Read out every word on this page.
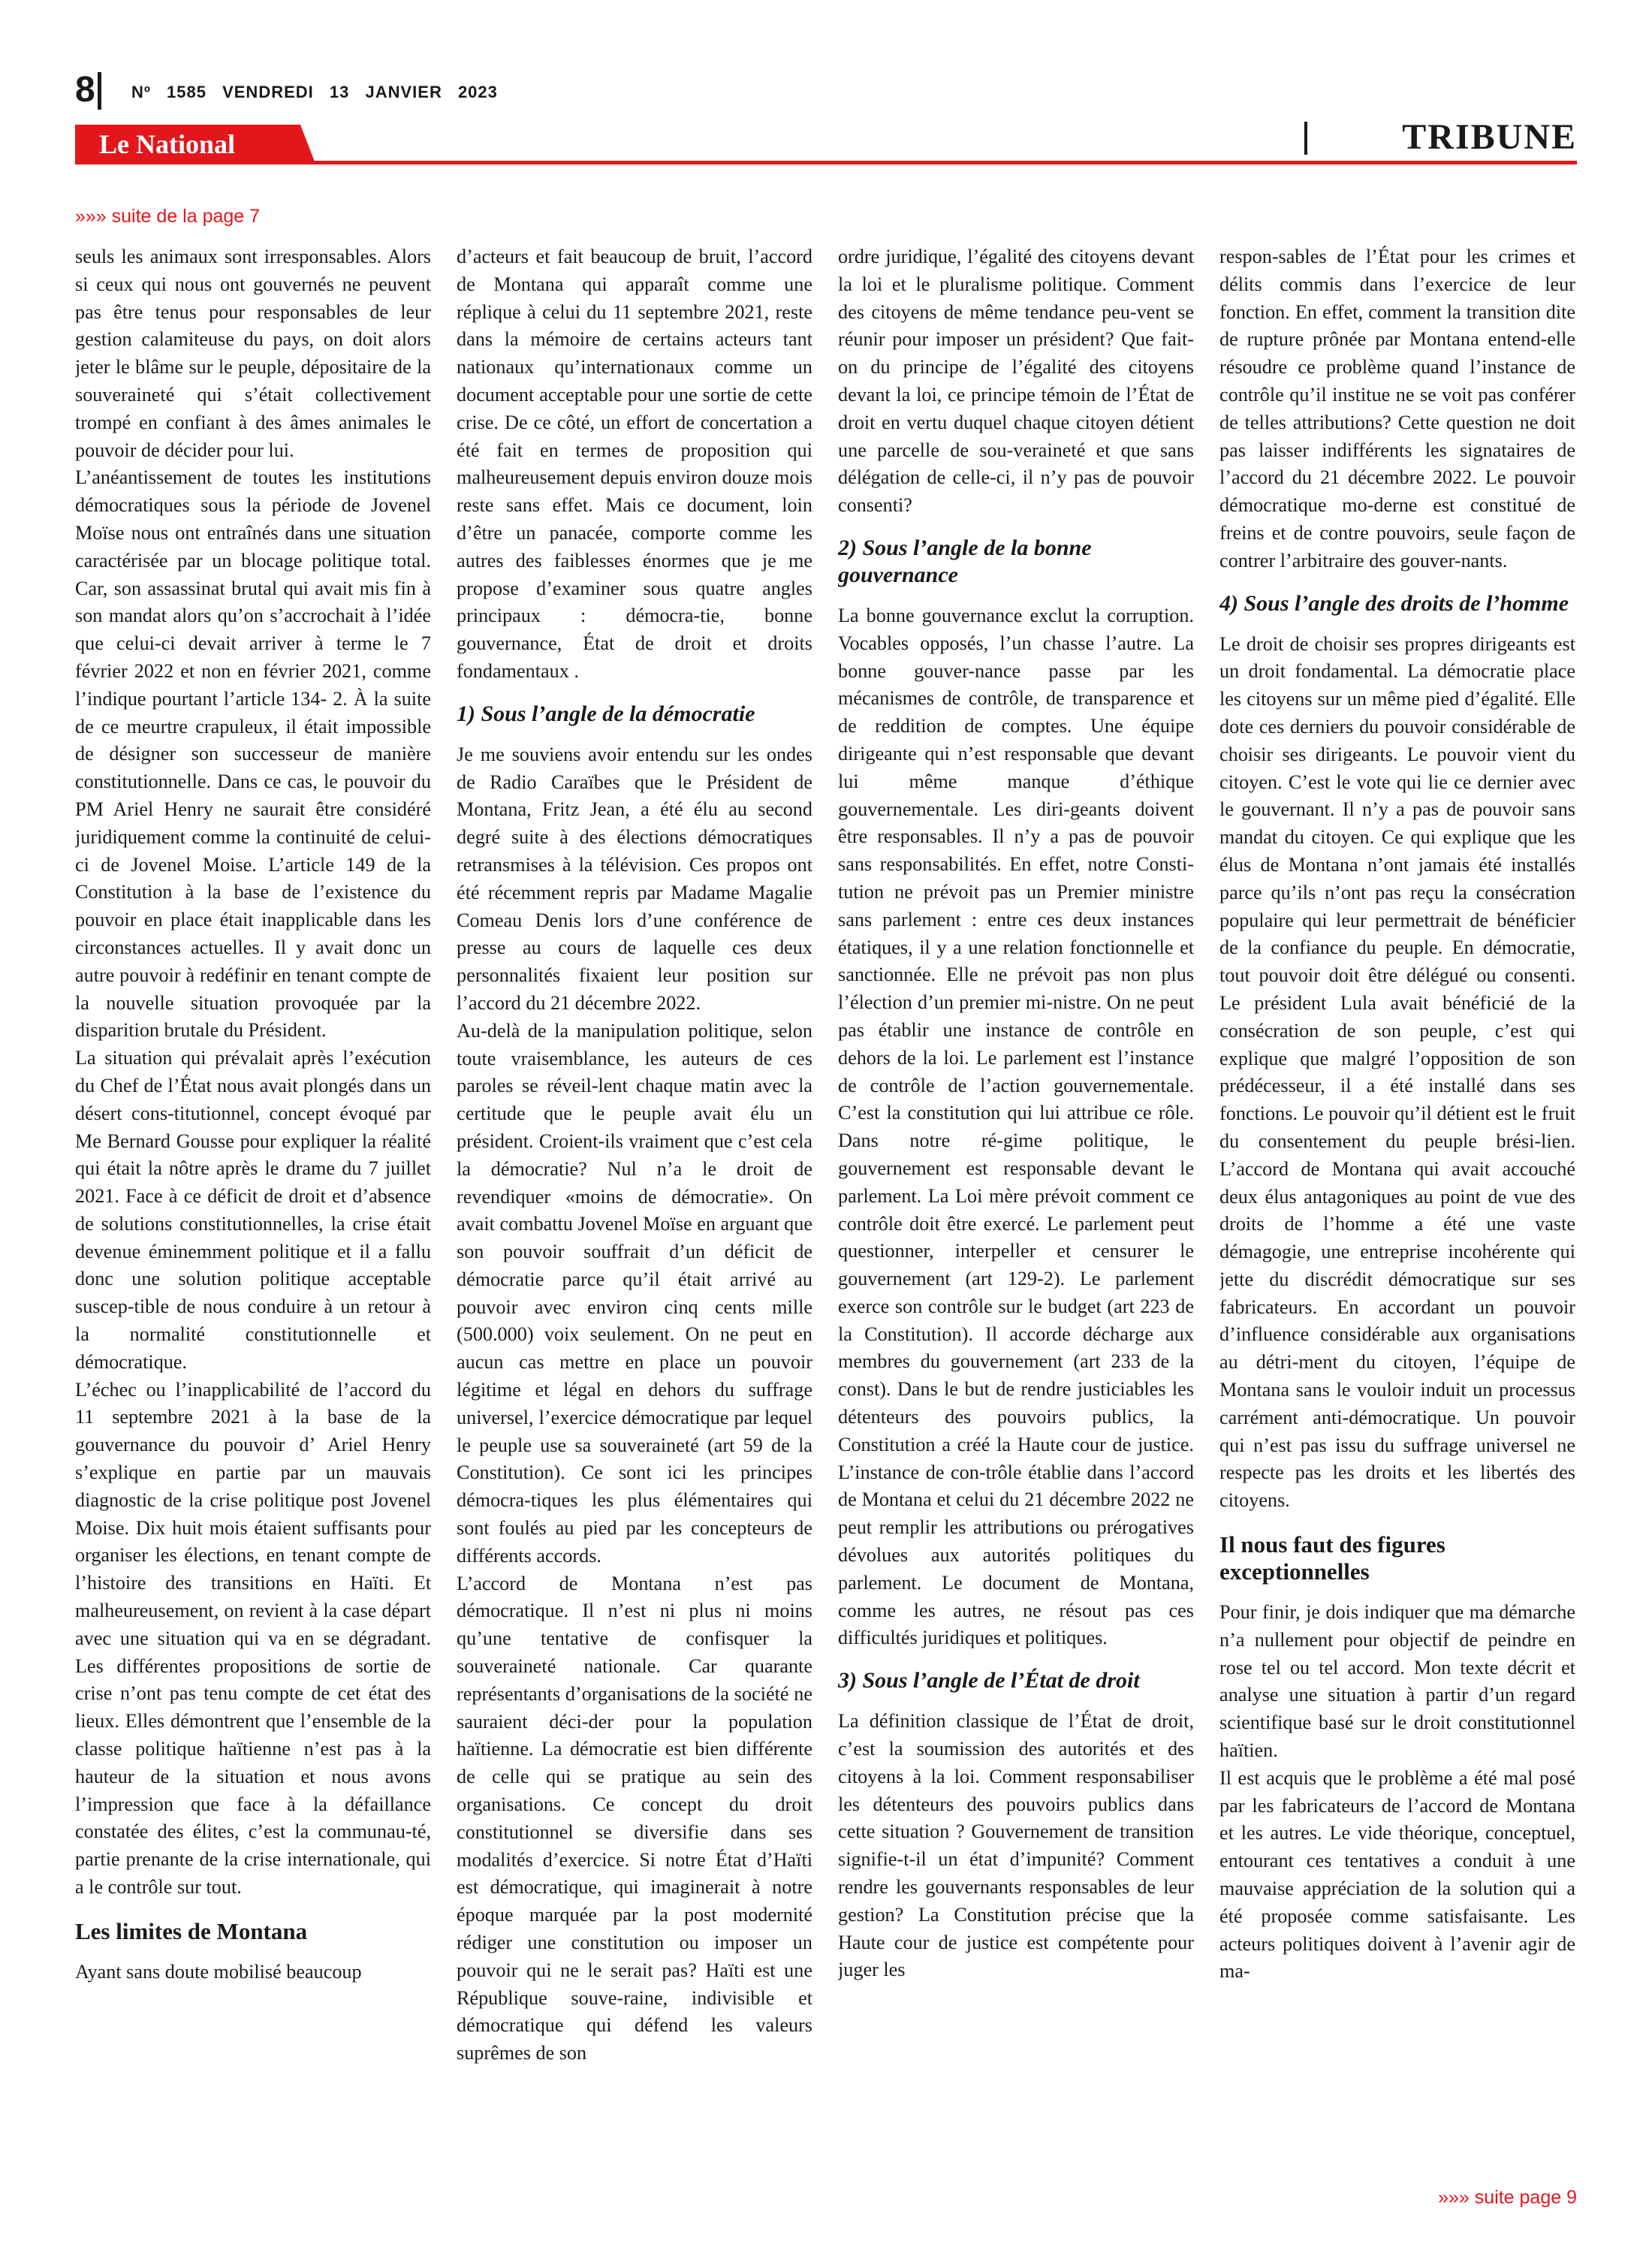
8 Nº 1585 VENDREDI 13 JANVIER 2023
Le National	TRIBUNE
»»» suite de la page 7

seuls les animaux sont irresponsables. Alors si ceux qui nous ont gouvernés ne peuvent pas être tenus pour responsables de leur gestion calamiteuse du pays, on doit alors jeter le blâme sur le peuple, dépositaire de la souveraineté qui s’était collectivement trompé en confiant à des âmes animales le pouvoir de décider pour lui.

L’anéantissement de toutes les institutions démocratiques sous la période de Jovenel Moïse nous ont entraînés dans une situation caractérisée par un blocage politique total. Car, son assassinat brutal qui avait mis fin à son mandat alors qu’on s’accrochait à l’idée que celui-ci devait arriver à terme le 7 février 2022 et non en février 2021, comme l’indique pourtant l’article 134- 2. À la suite de ce meurtre crapuleux, il était impossible de désigner son successeur de manière constitutionnelle. Dans ce cas, le pouvoir du PM Ariel Henry ne saurait être considéré juridiquement comme la continuité de celui-ci de Jovenel Moise. L’article 149 de la Constitution à la base de l’existence du pouvoir en place était inapplicable dans les circonstances actuelles. Il y avait donc un autre pouvoir à redéfinir en tenant compte de la nouvelle situation provoquée par la disparition brutale du Président.

La situation qui prévalait après l’exécution du Chef de l’État nous avait plongés dans un désert cons-titutionnel, concept évoqué par Me Bernard Gousse pour expliquer la réalité qui était la nôtre après le drame du 7 juillet 2021. Face à ce déficit de droit et d’absence de solutions constitutionnelles, la crise était devenue éminemment politique et il a fallu donc une solution politique acceptable suscep-tible de nous conduire à un retour à la normalité constitutionnelle et démocratique.

L’échec ou l’inapplicabilité de l’accord du 11 septembre 2021 à la base de la gouvernance du pouvoir d’ Ariel Henry s’explique en partie par un mauvais diagnostic de la crise politique post Jovenel Moise. Dix huit mois étaient suffisants pour organiser les élections, en tenant compte de l’histoire des transitions en Haïti. Et malheureusement, on revient à la case départ avec une situation qui va en se dégradant. Les différentes propositions de sortie de crise n’ont pas tenu compte de cet état des lieux. Elles démontrent que l’ensemble de la classe politique haïtienne n’est pas à la hauteur de la situation et nous avons l’impression que face à la défaillance constatée des élites, c’est la communau-té, partie prenante de la crise internationale, qui a le contrôle sur tout.

Les limites de Montana

Ayant sans doute mobilisé beaucoup

d’acteurs et fait beaucoup de bruit, l’accord de Montana qui apparaît comme une réplique à celui du 11 septembre 2021, reste dans la mémoire de certains acteurs tant nationaux qu’internationaux comme un document acceptable pour une sortie de cette crise. De ce côté, un effort de concertation a été fait en termes de proposition qui malheureusement depuis environ douze mois reste sans effet. Mais ce document, loin d’être un panacée, comporte comme les autres des faiblesses énormes que je me propose d’examiner sous quatre angles principaux : démocra-tie, bonne gouvernance, État de droit et droits fondamentaux .

1) Sous l’angle de la démocratie

Je me souviens avoir entendu sur les ondes de Radio Caraïbes que le Président de Montana, Fritz Jean, a été élu au second degré suite à des élections démocratiques retransmises à la télévision. Ces propos ont été récemment repris par Madame Magalie Comeau Denis lors d’une conférence de presse au cours de laquelle ces deux personnalités fixaient leur position sur l’accord du 21 décembre 2022.

Au-delà de la manipulation politique, selon toute vraisemblance, les auteurs de ces paroles se réveil-lent chaque matin avec la certitude que le peuple avait élu un président. Croient-ils vraiment que c’est cela la démocratie? Nul n’a le droit de revendiquer «moins de démocratie». On avait combattu Jovenel Moïse en arguant que son pouvoir souffrait d’un déficit de démocratie parce qu’il était arrivé au pouvoir avec environ cinq cents mille (500.000) voix seulement. On ne peut en aucun cas mettre en place un pouvoir légitime et légal en dehors du suffrage universel, l’exercice démocratique par lequel le peuple use sa souveraineté (art 59 de la Constitution). Ce sont ici les principes démocra-tiques les plus élémentaires qui sont foulés au pied par les concepteurs de différents accords.

L’accord de Montana n’est pas démocratique. Il n’est ni plus ni moins qu’une tentative de confisquer la souveraineté nationale. Car quarante représentants d’organisations de la société ne sauraient déci-der pour la population haïtienne. La démocratie est bien différente de celle qui se pratique au sein des organisations. Ce concept du droit constitutionnel se diversifie dans ses modalités d’exercice. Si notre État d’Haïti est démocratique, qui imaginerait à notre époque marquée par la post modernité rédiger une constitution ou imposer un pouvoir qui ne le serait pas? Haïti est une République souve-raine, indivisible et démocratique qui défend les valeurs suprêmes de son

ordre juridique, l’égalité des citoyens devant la loi et le pluralisme politique. Comment des citoyens de même tendance peu-vent se réunir pour imposer un président? Que fait-on du principe de l’égalité des citoyens devant la loi, ce principe témoin de l’État de droit en vertu duquel chaque citoyen détient une parcelle de sou-veraineté et que sans délégation de celle-ci, il n’y pas de pouvoir consenti?

2) Sous l’angle de la bonne gouvernance

La bonne gouvernance exclut la corruption. Vocables opposés, l’un chasse l’autre. La bonne gouver-nance passe par les mécanismes de contrôle, de transparence et de reddition de comptes. Une équipe dirigeante qui n’est responsable que devant lui même manque d’éthique gouvernementale. Les diri-geants doivent être responsables. Il n’y a pas de pouvoir sans responsabilités. En effet, notre Consti-tution ne prévoit pas un Premier ministre sans parlement : entre ces deux instances étatiques, il y a une relation fonctionnelle et sanctionnée. Elle ne prévoit pas non plus l’élection d’un premier mi-nistre. On ne peut pas établir une instance de contrôle en dehors de la loi. Le parlement est l’instance de contrôle de l’action gouvernementale. C’est la constitution qui lui attribue ce rôle. Dans notre ré-gime politique, le gouvernement est responsable devant le parlement. La Loi mère prévoit comment ce contrôle doit être exercé. Le parlement peut questionner, interpeller et censurer le gouvernement (art 129-2). Le parlement exerce son contrôle sur le budget (art 223 de la Constitution). Il accorde décharge aux membres du gouvernement (art 233 de la const). Dans le but de rendre justiciables les détenteurs des pouvoirs publics, la Constitution a créé la Haute cour de justice. L’instance de con-trôle établie dans l’accord de Montana et celui du 21 décembre 2022 ne peut remplir les attributions ou prérogatives dévolues aux autorités politiques du parlement. Le document de Montana, comme les autres, ne résout pas ces difficultés juridiques et politiques.

3) Sous l’angle de l’État de droit

La définition classique de l’État de droit, c’est la soumission des autorités et des citoyens à la loi. Comment responsabiliser les détenteurs des pouvoirs publics dans cette situation ? Gouvernement de transition signifie-t-il un état d’impunité? Comment rendre les gouvernants responsables de leur gestion? La Constitution précise que la Haute cour de justice est compétente pour juger les

respon-sables de l’État pour les crimes et délits commis dans l’exercice de leur fonction. En effet, comment la transition dite de rupture prônée par Montana entend-elle résoudre ce problème quand l’instance de contrôle qu’il institue ne se voit pas conférer de telles attributions? Cette question ne doit pas laisser indifférents les signataires de l’accord du 21 décembre 2022. Le pouvoir démocratique mo-derne est constitué de freins et de contre pouvoirs, seule façon de contrer l’arbitraire des gouver-nants.

4) Sous l’angle des droits de l’homme

Le droit de choisir ses propres dirigeants est un droit fondamental. La démocratie place les citoyens sur un même pied d’égalité. Elle dote ces derniers du pouvoir considérable de choisir ses dirigeants. Le pouvoir vient du citoyen. C’est le vote qui lie ce dernier avec le gouvernant. Il n’y a pas de pouvoir sans mandat du citoyen. Ce qui explique que les élus de Montana n’ont jamais été installés parce qu’ils n’ont pas reçu la consécration populaire qui leur permettrait de bénéficier de la confiance du peuple. En démocratie, tout pouvoir doit être délégué ou consenti. Le président Lula avait bénéficié de la consécration de son peuple, c’est qui explique que malgré l’opposition de son prédécesseur, il a été installé dans ses fonctions. Le pouvoir qu’il détient est le fruit du consentement du peuple brési-lien. L’accord de Montana qui avait accouché deux élus antagoniques au point de vue des droits de l’homme a été une vaste démagogie, une entreprise incohérente qui jette du discrédit démocratique sur ses fabricateurs. En accordant un pouvoir d’influence considérable aux organisations au détri-ment du citoyen, l’équipe de Montana sans le vouloir induit un processus carrément anti-démocratique. Un pouvoir qui n’est pas issu du suffrage universel ne respecte pas les droits et les libertés des citoyens.

Il nous faut des figures exceptionnelles

Pour finir, je dois indiquer que ma démarche n’a nullement pour objectif de peindre en rose tel ou tel accord. Mon texte décrit et analyse une situation à partir d’un regard scientifique basé sur le droit constitutionnel haïtien.

Il est acquis que le problème a été mal posé par les fabricateurs de l’accord de Montana et les autres. Le vide théorique, conceptuel, entourant ces tentatives a conduit à une mauvaise appréciation de la solution qui a été proposée comme satisfaisante. Les acteurs politiques doivent à l’avenir agir de ma-

»»» suite page 9
